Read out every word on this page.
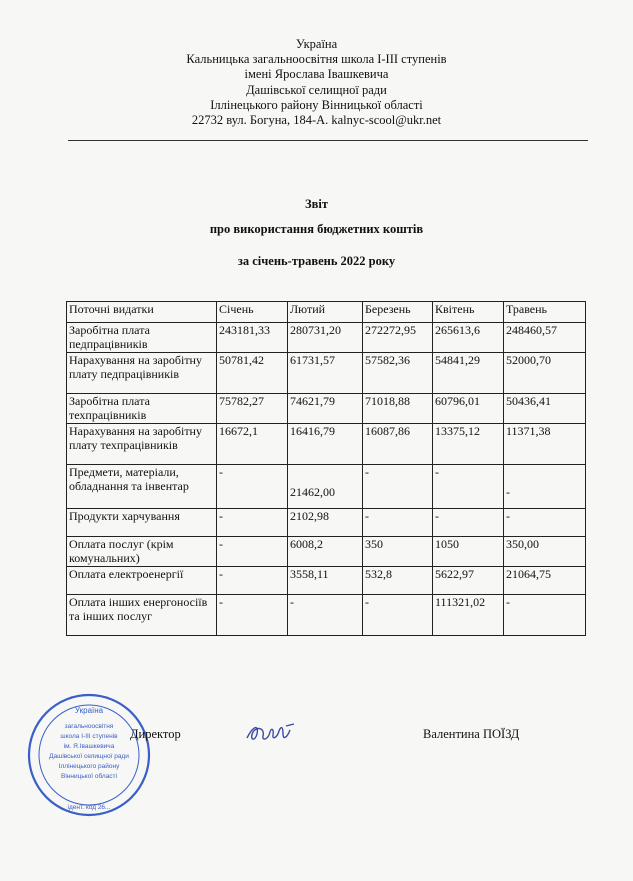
Україна
Кальницька загальноосвітня школа І-ІІІ ступенів
імені Ярослава Івашкевича
Дашівської селищної ради
Іллінецького району Вінницької області
22732 вул. Богуна, 184-А. kalnyc-scool@ukr.net
Звіт
про використання бюджетних коштів
за січень-травень 2022 року
Поточні видатки	Січень	Лютий	Березень	Квітень	Травень
Заробітна плата педпрацівників	243181,33	280731,20	272272,95	265613,6	248460,57
Нарахування на заробітну плату педпрацівників	50781,42	61731,57	57582,36	54841,29	52000,70
Заробітна плата техпрацівників	75782,27	74621,79	71018,88	60796,01	50436,41
Нарахування на заробітну плату техпрацівників	16672,1	16416,79	16087,86	13375,12	11371,38
Предмети, матеріали, обладнання та інвентар	-	21462,00	-	-	-
Продукти харчування	-	2102,98	-	-	-
Оплата послуг (крім комунальних)	-	6008,2	350	1050	350,00
Оплата електроенергії	-	3558,11	532,8	5622,97	21064,75
Оплата інших енергоносіїв та інших послуг	-	-	-	111321,02	-
Україна
загальноосвітня
школа І-ІІІ ступенів
ім. Я.Івашкевича
Дашівської селищної ради
Іллінецького району
Вінницької області
ідент. код 26...
Директор	Валентина ПОЇЗД
